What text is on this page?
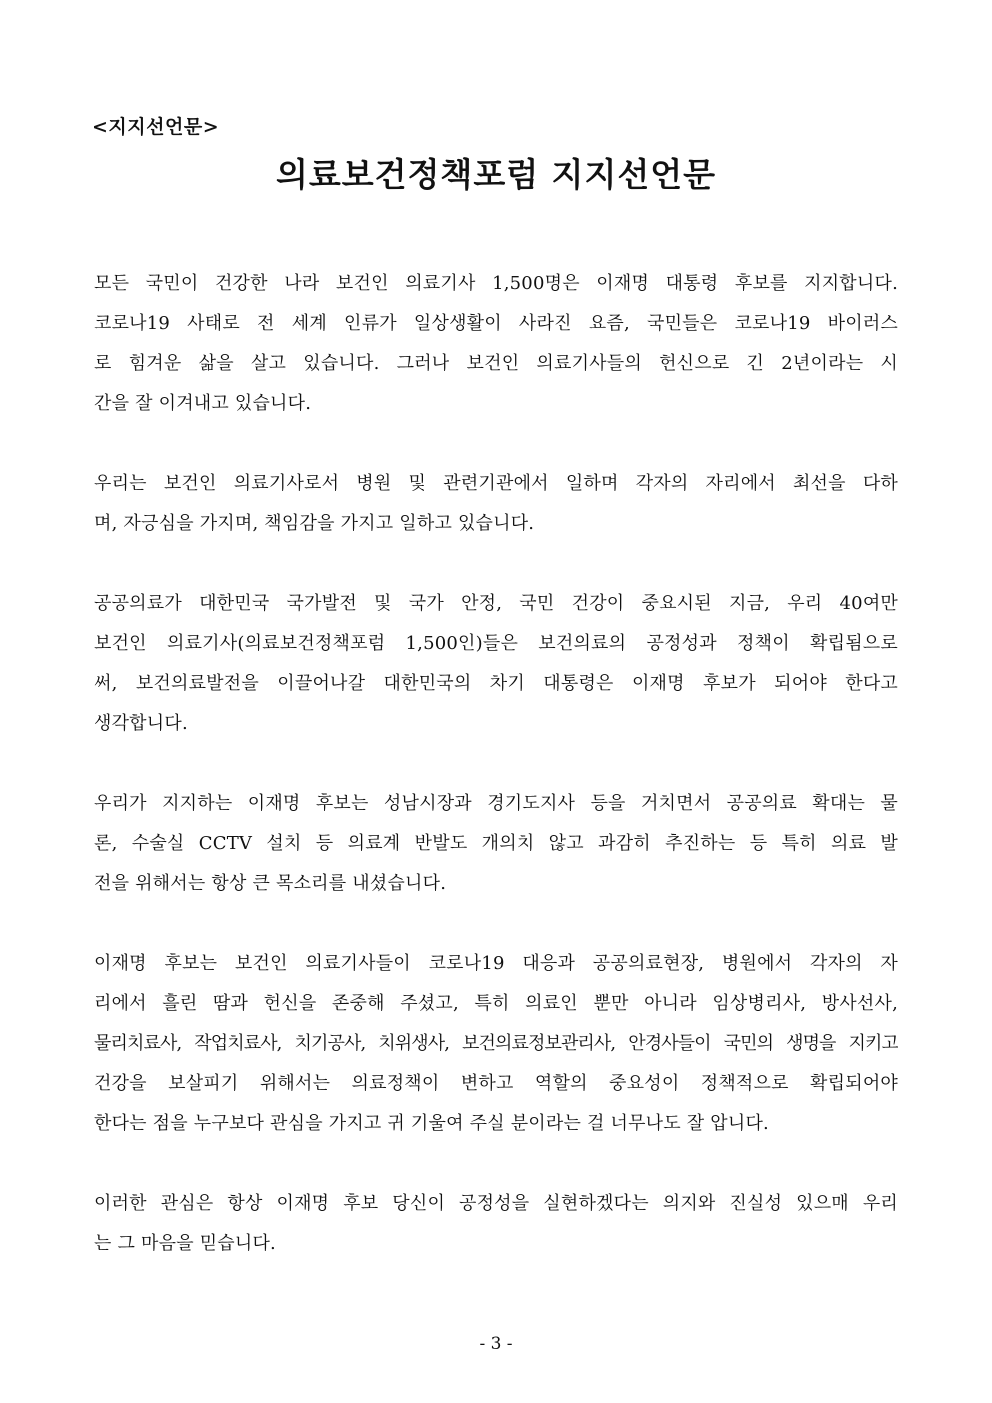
<지지선언문>
의료보건정책포럼 지지선언문

모든 국민이 건강한 나라 보건인 의료기사 1,500명은 이재명 대통령 후보를 지지합니다.
코로나19 사태로 전 세계 인류가 일상생활이 사라진 요즘, 국민들은 코로나19 바이러스
로 힘겨운 삶을 살고 있습니다. 그러나 보건인 의료기사들의 헌신으로 긴 2년이라는 시
간을 잘 이겨내고 있습니다.

우리는 보건인 의료기사로서 병원 및 관련기관에서 일하며 각자의 자리에서 최선을 다하
며, 자긍심을 가지며, 책임감을 가지고 일하고 있습니다.

공공의료가 대한민국 국가발전 및 국가 안정, 국민 건강이 중요시된 지금, 우리 40여만
보건인 의료기사(의료보건정책포럼 1,500인)들은 보건의료의 공정성과 정책이 확립됨으로
써, 보건의료발전을 이끌어나갈 대한민국의 차기 대통령은 이재명 후보가 되어야 한다고
생각합니다.

우리가 지지하는 이재명 후보는 성남시장과 경기도지사 등을 거치면서 공공의료 확대는 물
론, 수술실 CCTV 설치 등 의료계 반발도 개의치 않고 과감히 추진하는 등 특히 의료 발
전을 위해서는 항상 큰 목소리를 내셨습니다.

이재명 후보는 보건인 의료기사들이 코로나19 대응과 공공의료현장, 병원에서 각자의 자
리에서 흘린 땀과 헌신을 존중해 주셨고, 특히 의료인 뿐만 아니라 임상병리사, 방사선사,
물리치료사, 작업치료사, 치기공사, 치위생사, 보건의료정보관리사, 안경사들이 국민의 생명을 지키고
건강을 보살피기 위해서는 의료정책이 변하고 역할의 중요성이 정책적으로 확립되어야
한다는 점을 누구보다 관심을 가지고 귀 기울여 주실 분이라는 걸 너무나도 잘 압니다.

이러한 관심은 항상 이재명 후보 당신이 공정성을 실현하겠다는 의지와 진실성 있으매 우리
는 그 마음을 믿습니다.

- 3 -
